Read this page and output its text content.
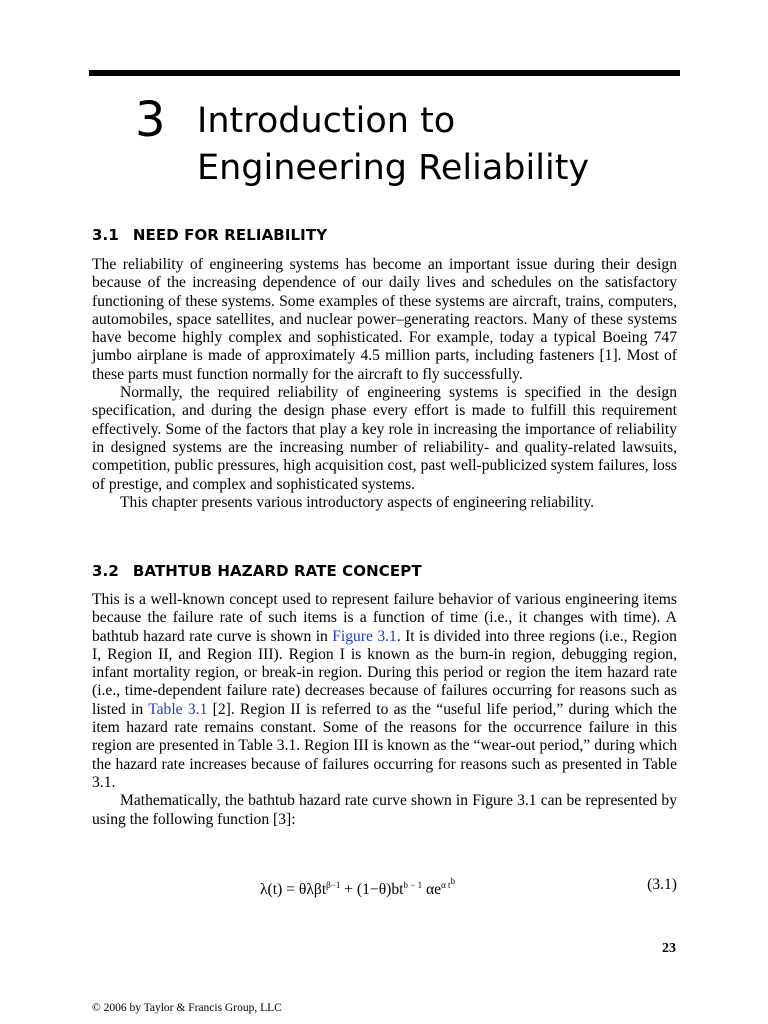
3 Introduction to
Engineering Reliability
3.1 NEED FOR RELIABILITY

The reliability of engineering systems has become an important issue during their design because of the increasing dependence of our daily lives and schedules on the satisfactory functioning of these systems. Some examples of these systems are aircraft, trains, computers, automobiles, space satellites, and nuclear power–generating reactors. Many of these systems have become highly complex and sophisticated. For example, today a typical Boeing 747 jumbo airplane is made of approximately 4.5 million parts, including fasteners [1]. Most of these parts must function normally for the aircraft to fly successfully.

Normally, the required reliability of engineering systems is specified in the design specification, and during the design phase every effort is made to fulfill this requirement effectively. Some of the factors that play a key role in increasing the importance of reliability in designed systems are the increasing number of reliability- and quality-related lawsuits, competition, public pressures, high acquisition cost, past well-publicized system failures, loss of prestige, and complex and sophisticated systems.

This chapter presents various introductory aspects of engineering reliability.

3.2 BATHTUB HAZARD RATE CONCEPT

This is a well-known concept used to represent failure behavior of various engineering items because the failure rate of such items is a function of time (i.e., it changes with time). A bathtub hazard rate curve is shown in Figure 3.1. It is divided into three regions (i.e., Region I, Region II, and Region III). Region I is known as the burn-in region, debugging region, infant mortality region, or break-in region. During this period or region the item hazard rate (i.e., time-dependent failure rate) decreases because of failures occurring for reasons such as listed in Table 3.1 [2]. Region II is referred to as the “useful life period,” during which the item hazard rate remains constant. Some of the reasons for the occurrence failure in this region are presented in Table 3.1. Region III is known as the “wear-out period,” during which the hazard rate increases because of failures occurring for reasons such as presented in Table 3.1.

Mathematically, the bathtub hazard rate curve shown in Figure 3.1 can be represented by using the following function [3]:

$\lambda(t) = \theta\lambda\beta t^{\beta-1} + (1-\theta)bt^{b - 1}$ $\alpha e^{\alpha t^b}$	(3.1)
23
© 2006 by Taylor & Francis Group, LLC
